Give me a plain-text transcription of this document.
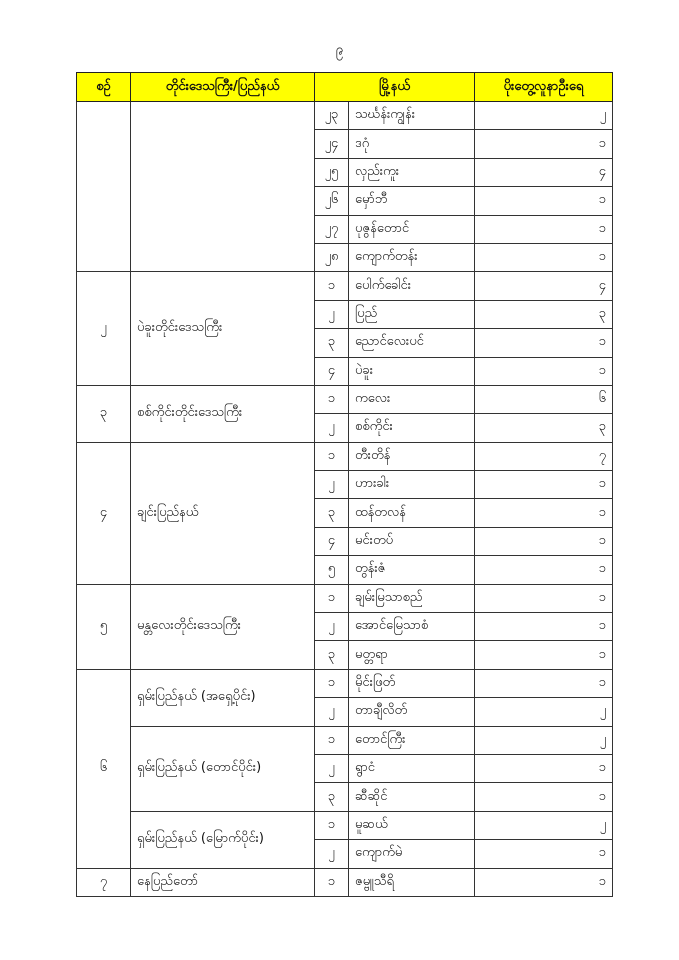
၉
စဉ်	တိုင်းဒေသကြီး/ပြည်နယ်	မြို့နယ်		ပိုးတွေ့လူနာဦးရေ
		၂၃	သင်္ဃန်းကျွန်း	၂
		၂၄	ဒဂုံ	၁
		၂၅	လှည်းကူး	၄
		၂၆	မှော်ဘီ	၁
		၂၇	ပုဇွန်တောင်	၁
		၂၈	ကျောက်တန်း	၁
၂	ပဲခူးတိုင်းဒေသကြီး	၁	ပေါက်ခေါင်း	၄
		၂	ပြည်	၃
		၃	ညောင်လေးပင်	၁
		၄	ပဲခူး	၁
၃	စစ်ကိုင်းတိုင်းဒေသကြီး	၁	ကလေး	၆
		၂	စစ်ကိုင်း	၃
၄	ချင်းပြည်နယ်	၁	တီးတိန်	၇
		၂	ဟားခါး	၁
		၃	ထန်တလန်	၁
		၄	မင်းတပ်	၁
		၅	တွန်းဇံ	၁
၅	မန္တလေးတိုင်းဒေသကြီး	၁	ချမ်းမြသာစည်	၁
		၂	အောင်မြေသာစံ	၁
		၃	မတ္တရာ	၁
၆	ရှမ်းပြည်နယ် (အရှေ့ပိုင်း)	၁	မိုင်းဖြတ်	၁
		၂	တာချီလိတ်	၂
	ရှမ်းပြည်နယ် (တောင်ပိုင်း)	၁	တောင်ကြီး	၂
		၂	ရွာငံ	၁
		၃	ဆီဆိုင်	၁
	ရှမ်းပြည်နယ် (မြောက်ပိုင်း)	၁	မူဆယ်	၂
		၂	ကျောက်မဲ	၁
၇	နေပြည်တော်	၁	ဇမ္ဗူသီရိ	၁
